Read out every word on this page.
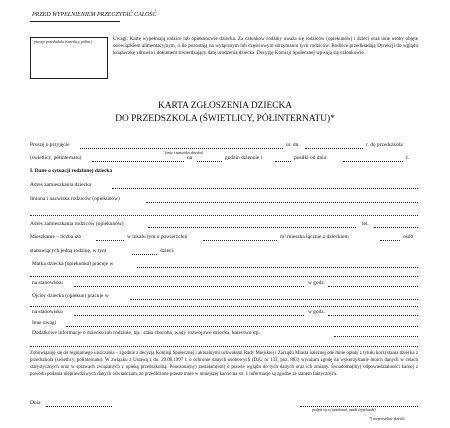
PRZED WYPEŁNIENIEM PRZECZYTAĆ CAŁOŚĆ
pieczęć przedszkola (świetlicy, półint.)	Uwagi: Kartę wypełniają rodzice lub opiekunowie dziecka. Za członków rodziny uważa się rodziców (opiekunów) i dzieci oraz inne osoby objęte obowiązkiem alimentacyjnym, o ile pozostają na wyłącznym lub częściowym utrzymaniu tych rodziców. Rodzice przedkładają Dyrekcji do wglądu książeczkę zdrowia i dokument stwierdzający datę urodzenia dziecka. Decyzję Komisji Społecznej wpisują się członkowie.
KARTA ZGŁOSZENIA DZIECKA
DO PRZEDSZKOLA (ŚWIETLICY, PÓŁINTERNATU)*
Proszę o przyjęcie
(imię i nazwisko dziecka)
ur. dn.	r. do przedszkola
(świetlicy, półinternatu)	na	godzin dziennie i	posiłki od dnia	r.
I. Dane o sytuacji rodzinnej dziecka
Adres zamieszkania dziecka
Imiona i nazwiska rodziców (opiekunów)
Adres zamieszkania rodziców (opiekunów)	tel.
Mieszkanie – liczba izb	w lokalu tym o powierzchni	m² mieszka łącznie z dzieckiem	osób
stanowiących jedną rodzinę, w tym	dzieci.
Matka dziecka (opiekunka) pracuje w
na stanowisku	w godz.
Ojciec dziecka (opiekun) pracuje w
na stanowisku	w godz.
Inne uwagi
Dodatkowe informacje o dziecku lub rodzinie, np.: stała choroba, wady rozwojowe dziecka, kalectwo itp.
Zobowiązuję się do regularnego uiszczania – zgodnie z decyzją Komisji Społecznej i aktualnymi uchwałami Rady Miejskiej i Zarządu Miasta należnej ode mnie opłaty z tytułu korzystania dziecka z przedszkola (świetlicy, półinternatu). W związku z Ustawą z dn. 29.08.1997 r. o ochronie danych osobowych (DzU nr 133, poz. 883) wyrażam zgodę na wykorzystanie moich danych w celach statystycznych oraz w sprawach związanych z opieką przedszkolną. Pouczona(ny) zostałam(em) o prawie wglądu do tych danych oraz ich zmiany. Świadoma(my) odpowiedzialności karnej z powodu podania nieprawdziwych danych oświadczam, że przedłożone przeze mnie w niniejszej karcie na str. 1 informacje są zgodne ze stanem faktycznym.
Dnia
podpis ojca (opiekuna), matki (opiekunki)
*) niepotrzebne skreślić
